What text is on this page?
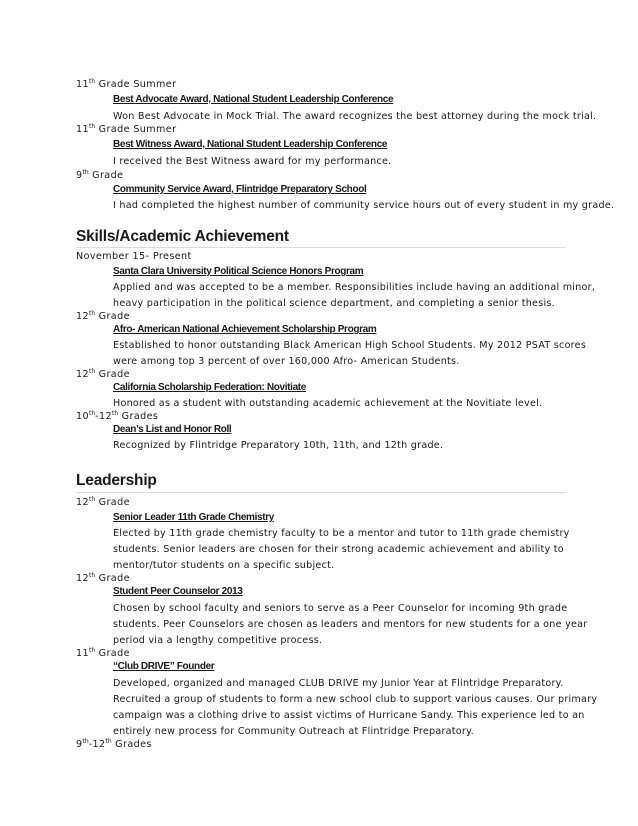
11th Grade Summer
Best Advocate Award, National Student Leadership Conference
Won Best Advocate in Mock Trial. The award recognizes the best attorney during the mock trial.
11th Grade Summer
Best Witness Award, National Student Leadership Conference
I received the Best Witness award for my performance.
9th Grade
Community Service Award, Flintridge Preparatory School
I had completed the highest number of community service hours out of every student in my grade.
Skills/Academic Achievement
November 15- Present
Santa Clara University Political Science Honors Program
Applied and was accepted to be a member. Responsibilities include having an additional minor,
heavy participation in the political science department, and completing a senior thesis.
12th Grade
Afro- American National Achievement Scholarship Program
Established to honor outstanding Black American High School Students. My 2012 PSAT scores
were among top 3 percent of over 160,000 Afro- American Students.
12th Grade
California Scholarship Federation: Novitiate
Honored as a student with outstanding academic achievement at the Novitiate level.
10th-12th Grades
Dean’s List and Honor Roll
Recognized by Flintridge Preparatory 10th, 11th, and 12th grade.
Leadership
12th Grade
Senior Leader 11th Grade Chemistry
Elected by 11th grade chemistry faculty to be a mentor and tutor to 11th grade chemistry
students. Senior leaders are chosen for their strong academic achievement and ability to
mentor/tutor students on a specific subject.
12th Grade
Student Peer Counselor 2013
Chosen by school faculty and seniors to serve as a Peer Counselor for incoming 9th grade
students. Peer Counselors are chosen as leaders and mentors for new students for a one year
period via a lengthy competitive process.
11th Grade
“Club DRIVE” Founder
Developed, organized and managed CLUB DRIVE my Junior Year at Flintridge Preparatory.
Recruited a group of students to form a new school club to support various causes. Our primary
campaign was a clothing drive to assist victims of Hurricane Sandy. This experience led to an
entirely new process for Community Outreach at Flintridge Preparatory.
9th-12th Grades
